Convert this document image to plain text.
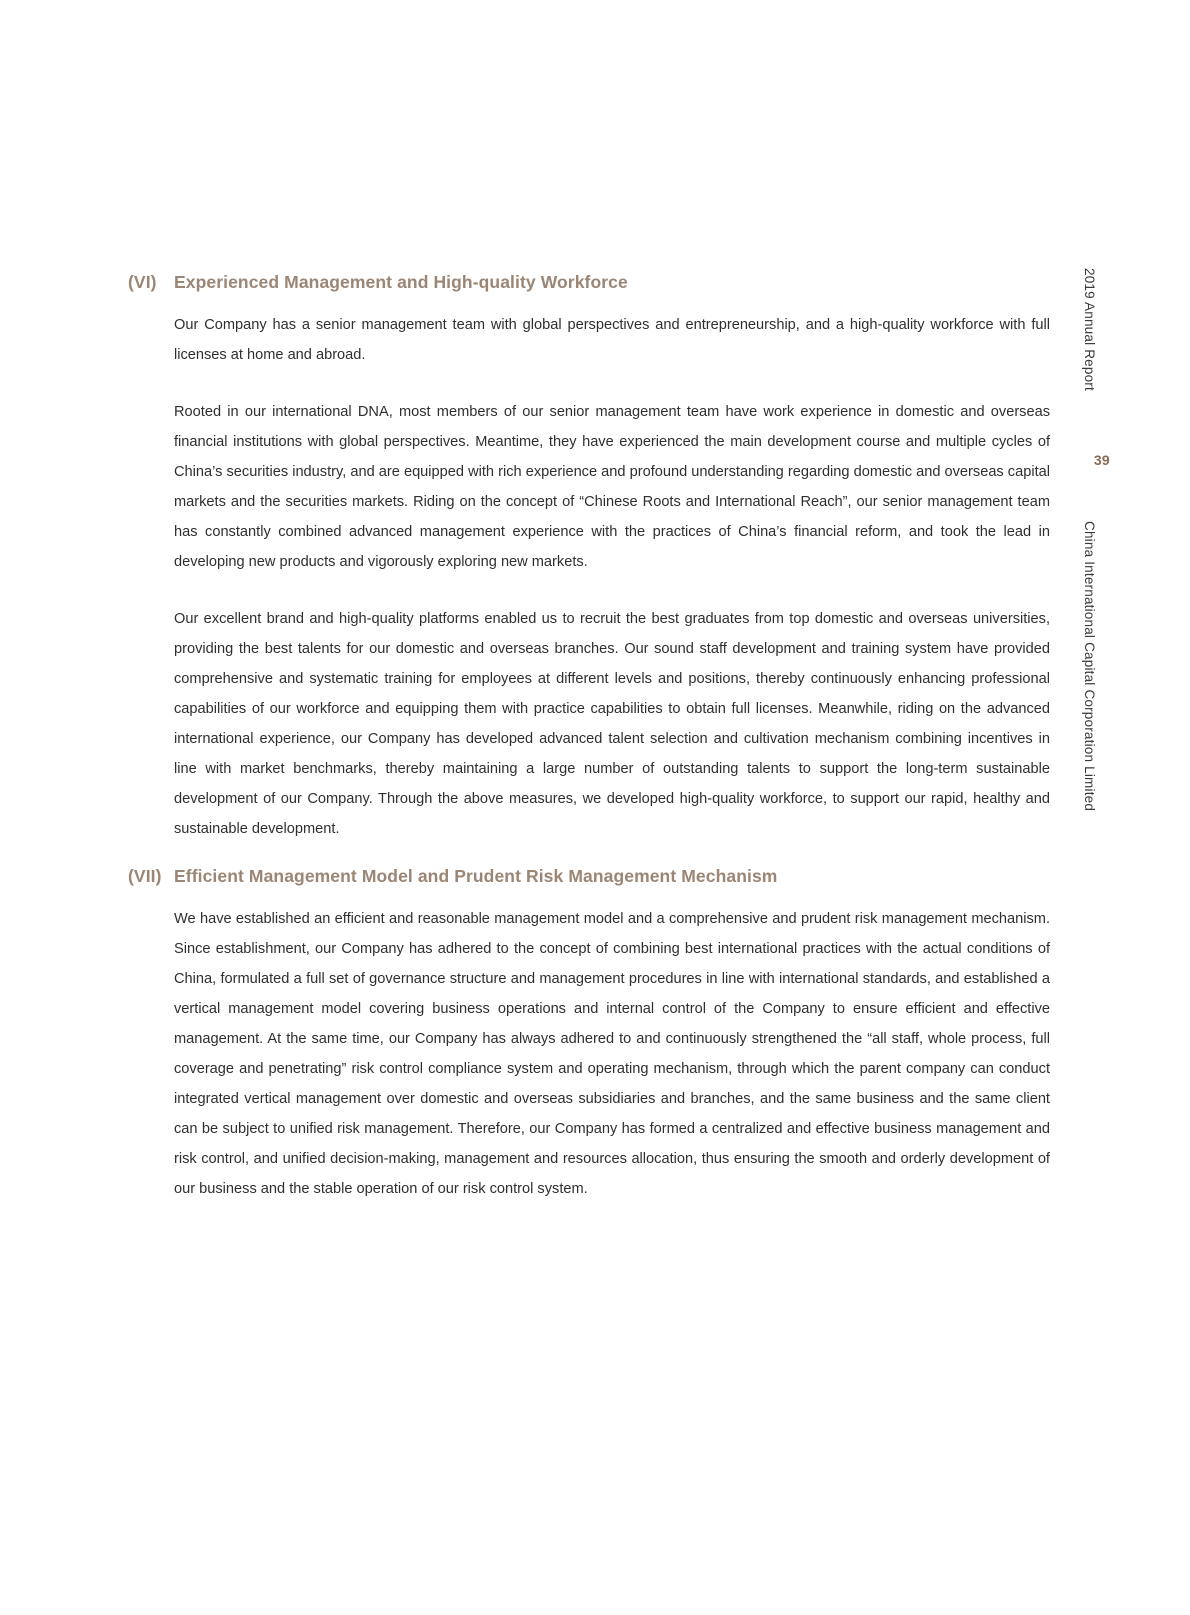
2019 Annual Report
China International Capital Corporation Limited
39
(VI) Experienced Management and High-quality Workforce

Our Company has a senior management team with global perspectives and entrepreneurship, and a high-quality workforce with full licenses at home and abroad.

Rooted in our international DNA, most members of our senior management team have work experience in domestic and overseas financial institutions with global perspectives. Meantime, they have experienced the main development course and multiple cycles of China’s securities industry, and are equipped with rich experience and profound understanding regarding domestic and overseas capital markets and the securities markets. Riding on the concept of “Chinese Roots and International Reach”, our senior management team has constantly combined advanced management experience with the practices of China’s financial reform, and took the lead in developing new products and vigorously exploring new markets.

Our excellent brand and high-quality platforms enabled us to recruit the best graduates from top domestic and overseas universities, providing the best talents for our domestic and overseas branches. Our sound staff development and training system have provided comprehensive and systematic training for employees at different levels and positions, thereby continuously enhancing professional capabilities of our workforce and equipping them with practice capabilities to obtain full licenses. Meanwhile, riding on the advanced international experience, our Company has developed advanced talent selection and cultivation mechanism combining incentives in line with market benchmarks, thereby maintaining a large number of outstanding talents to support the long-term sustainable development of our Company. Through the above measures, we developed high-quality workforce, to support our rapid, healthy and sustainable development.

(VII) Efficient Management Model and Prudent Risk Management Mechanism

We have established an efficient and reasonable management model and a comprehensive and prudent risk management mechanism. Since establishment, our Company has adhered to the concept of combining best international practices with the actual conditions of China, formulated a full set of governance structure and management procedures in line with international standards, and established a vertical management model covering business operations and internal control of the Company to ensure efficient and effective management. At the same time, our Company has always adhered to and continuously strengthened the “all staff, whole process, full coverage and penetrating” risk control compliance system and operating mechanism, through which the parent company can conduct integrated vertical management over domestic and overseas subsidiaries and branches, and the same business and the same client can be subject to unified risk management. Therefore, our Company has formed a centralized and effective business management and risk control, and unified decision-making, management and resources allocation, thus ensuring the smooth and orderly development of our business and the stable operation of our risk control system.
